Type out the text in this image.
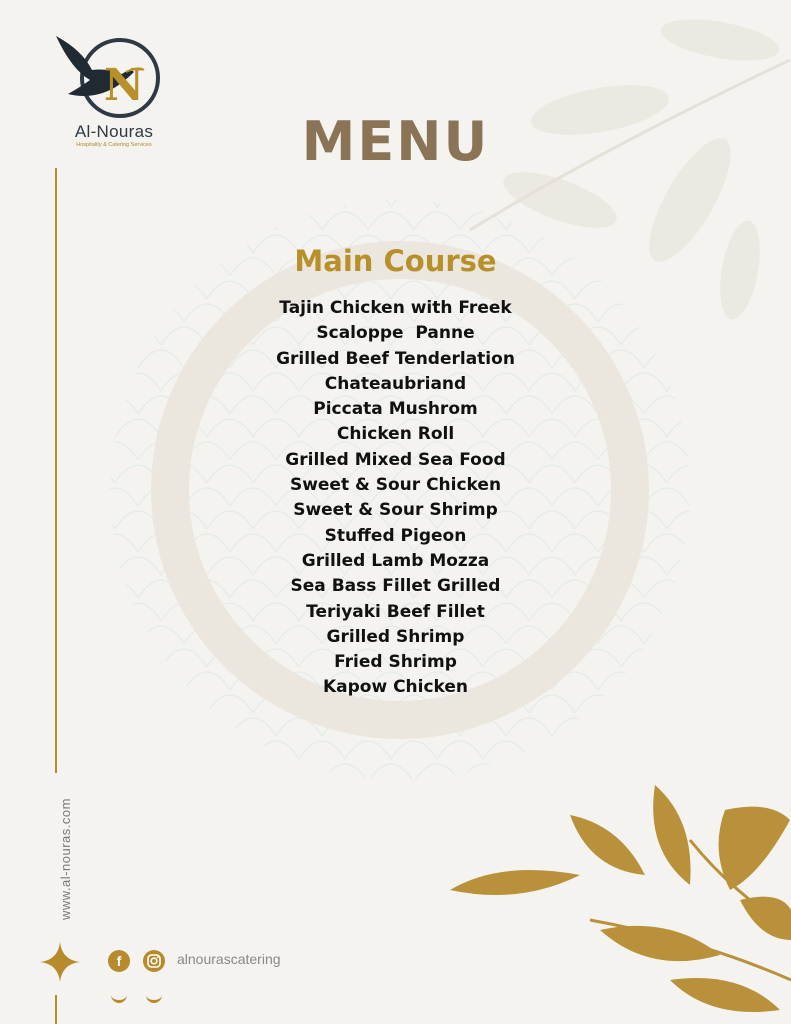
N
Al-Nouras
Hospitality & Catering Services
www.al-nouras.com
MENU
Main Course
Tajin Chicken with Freek
Scaloppe  Panne
Grilled Beef Tenderlation
Chateaubriand
Piccata Mushrom
Chicken Roll
Grilled Mixed Sea Food
Sweet & Sour Chicken
Sweet & Sour Shrimp
Stuffed Pigeon
Grilled Lamb Mozza
Sea Bass Fillet Grilled
Teriyaki Beef Fillet
Grilled Shrimp
Fried Shrimp
Kapow Chicken
f	alnourascatering
